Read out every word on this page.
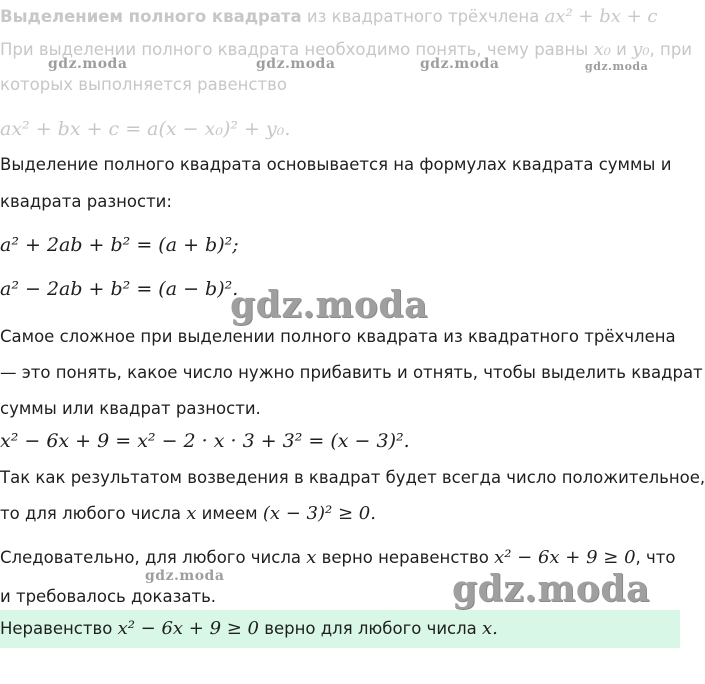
Выделением полного квадрата из квадратного трёхчлена ax² + bx + c
При выделении полного квадрата необходимо понять, чему равны x₀ и y₀, при
которых выполняется равенство
ax² + bx + c = a(x − x₀)² + y₀.
Выделение полного квадрата основывается на формулах квадрата суммы и
квадрата разности:
a² + 2ab + b² = (a + b)²;
a² − 2ab + b² = (a − b)².
Самое сложное при выделении полного квадрата из квадратного трёхчлена
— это понять, какое число нужно прибавить и отнять, чтобы выделить квадрат
суммы или квадрат разности.
x² − 6x + 9 = x² − 2 · x · 3 + 3² = (x − 3)².
Так как результатом возведения в квадрат будет всегда число положительное,
то для любого числа x имеем (x − 3)² ≥ 0.
Следовательно, для любого числа x верно неравенство x² − 6x + 9 ≥ 0, что
и требовалось доказать.
Неравенство x² − 6x + 9 ≥ 0 верно для любого числа x.
gdz.moda	gdz.moda	gdz.moda	gdz.moda
gdz.moda
gdz.moda	gdz.moda
